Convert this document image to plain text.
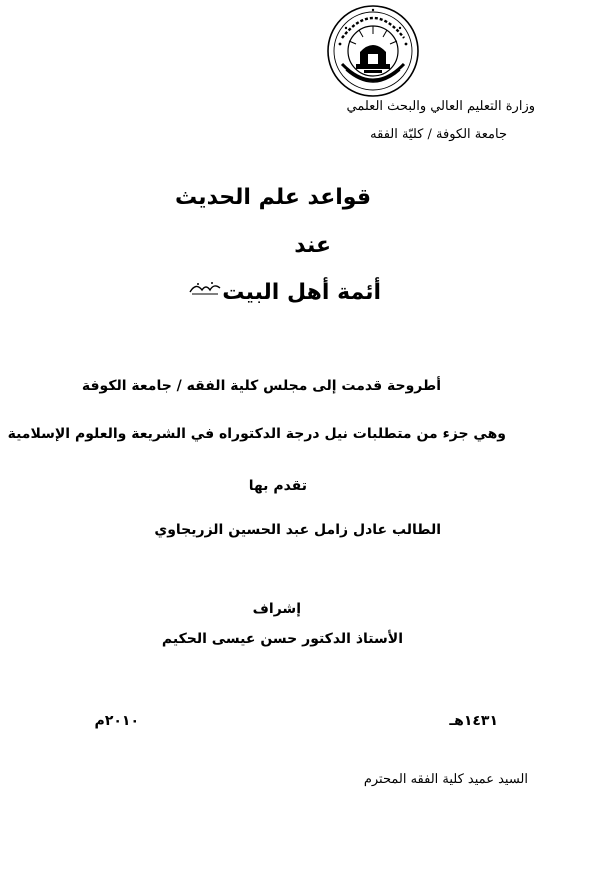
وزارة التعليم العالي والبحث العلمي
جامعة الكوفة / كليّة الفقه
قواعد علم الحديث
عند
أئمة أهل البيت
أطروحة قدمت إلى مجلس كلية الفقه / جامعة الكوفة
وهي جزء من متطلبات نيل درجة الدكتوراه في الشريعة والعلوم الإسلامية
تقدم بها
الطالب عادل زامل عبد الحسين الزريجاوي
إشراف
الأستاذ الدكتور حسن عيسى الحكيم
١٤٣١هـ
٢٠١٠م
السيد عميد كلية الفقه المحترم
